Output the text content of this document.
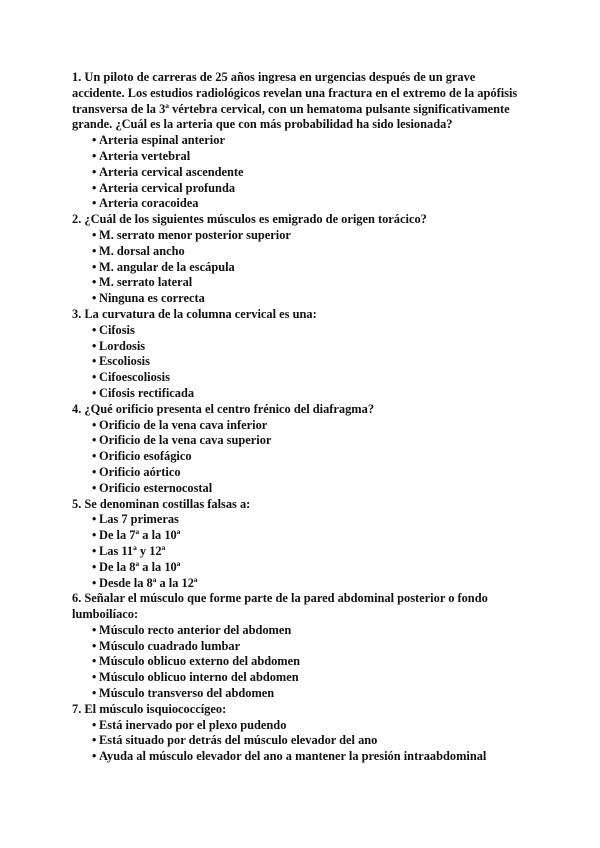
1. Un piloto de carreras de 25 años ingresa en urgencias después de un grave accidente. Los estudios radiológicos revelan una fractura en el extremo de la apófisis transversa de la 3ª vértebra cervical, con un hematoma pulsante significativamente grande. ¿Cuál es la arteria que con más probabilidad ha sido lesionada?

• Arteria espinal anterior
• Arteria vertebral
• Arteria cervical ascendente
• Arteria cervical profunda
• Arteria coracoidea

2. ¿Cuál de los siguientes músculos es emigrado de origen torácico?

• M. serrato menor posterior superior
• M. dorsal ancho
• M. angular de la escápula
• M. serrato lateral
• Ninguna es correcta

3. La curvatura de la columna cervical es una:

• Cifosis
• Lordosis
• Escoliosis
• Cifoescoliosis
• Cifosis rectificada

4. ¿Qué orificio presenta el centro frénico del diafragma?

• Orificio de la vena cava inferior
• Orificio de la vena cava superior
• Orificio esofágico
• Orificio aórtico
• Orificio esternocostal

5. Se denominan costillas falsas a:

• Las 7 primeras
• De la 7ª a la 10ª
• Las 11ª y 12ª
• De la 8ª a la 10ª
• Desde la 8ª a la 12ª

6. Señalar el músculo que forme parte de la pared abdominal posterior o fondo lumboilíaco:

• Músculo recto anterior del abdomen
• Músculo cuadrado lumbar
• Músculo oblicuo externo del abdomen
• Músculo oblicuo interno del abdomen
• Músculo transverso del abdomen

7. El músculo isquiococcígeo:

• Está inervado por el plexo pudendo
• Está situado por detrás del músculo elevador del ano
• Ayuda al músculo elevador del ano a mantener la presión intraabdominal
